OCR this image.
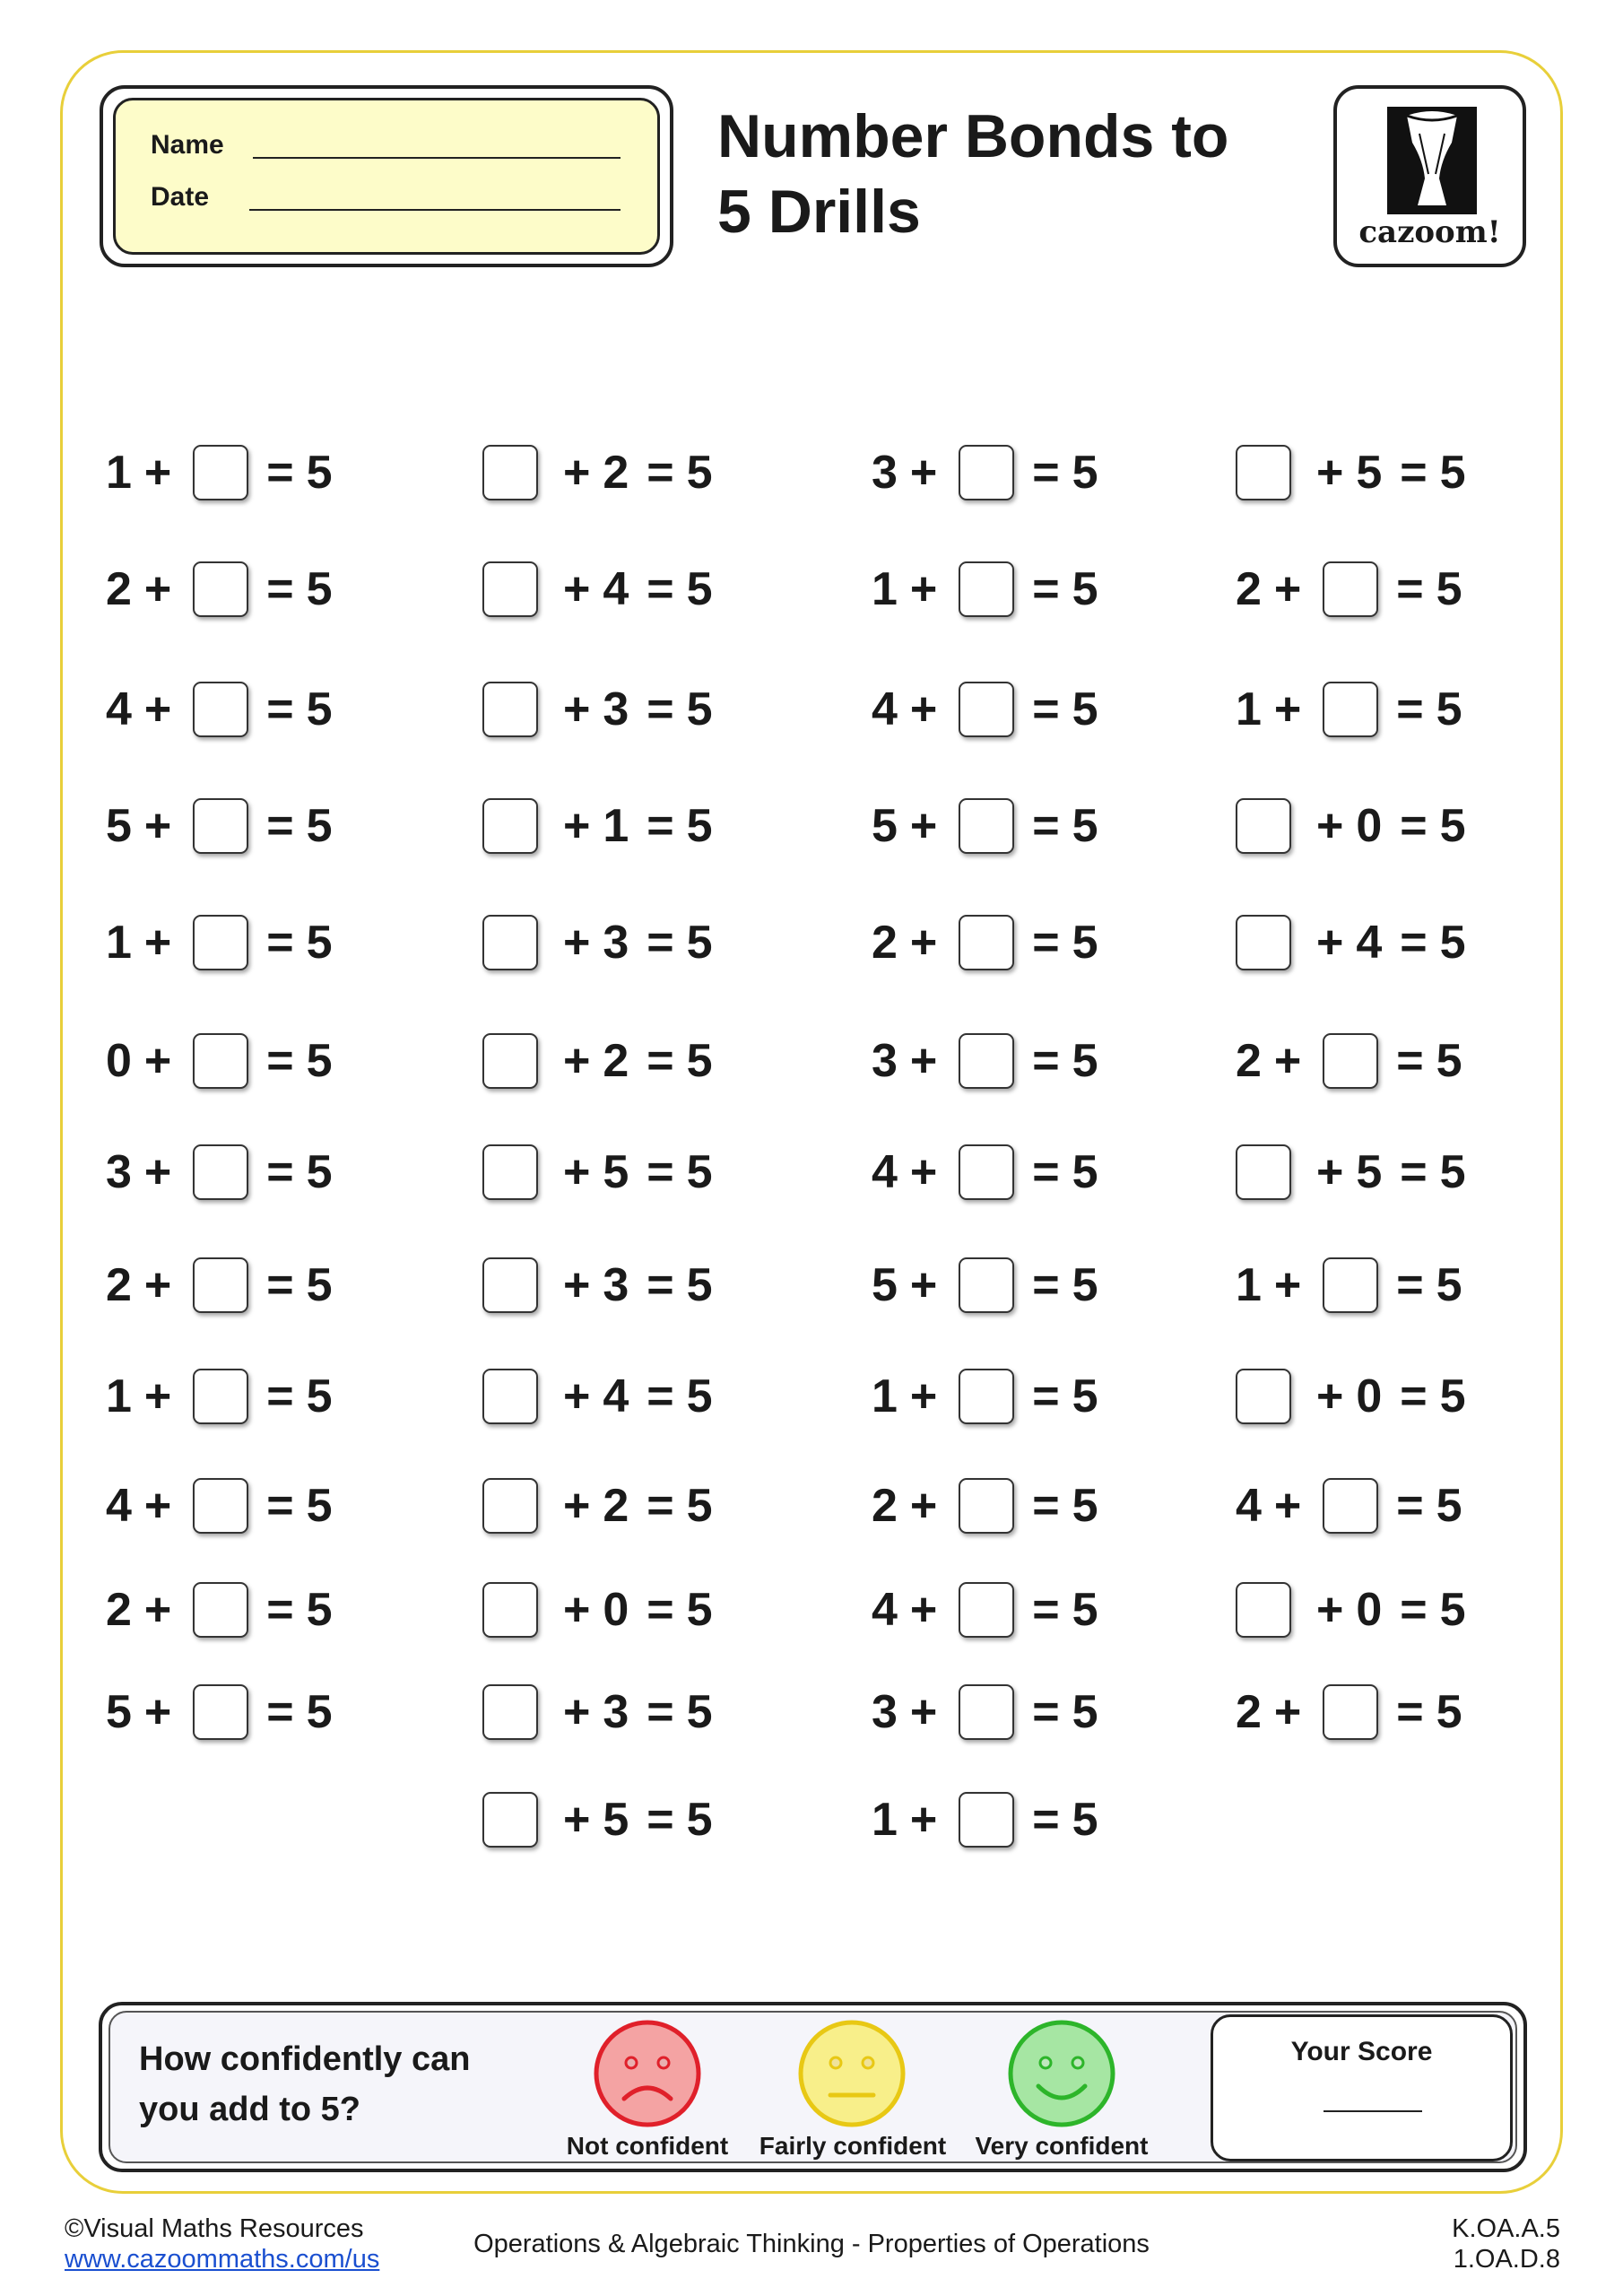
Name
Date
Number Bonds to
5 Drills	cazoom!
1 + = 5
2 + = 5
4 + = 5
5 + = 5
1 + = 5
0 + = 5
3 + = 5
2 + = 5
1 + = 5
4 + = 5
2 + = 5
5 + = 5
+ 2 = 5
+ 4 = 5
+ 3 = 5
+ 1 = 5
+ 3 = 5
+ 2 = 5
+ 5 = 5
+ 3 = 5
+ 4 = 5
+ 2 = 5
+ 0 = 5
+ 3 = 5
+ 5 = 5
3 + = 5
1 + = 5
4 + = 5
5 + = 5
2 + = 5
3 + = 5
4 + = 5
5 + = 5
1 + = 5
2 + = 5
4 + = 5
3 + = 5
1 + = 5
+ 5 = 5
2 + = 5
1 + = 5
+ 0 = 5
+ 4 = 5
2 + = 5
+ 5 = 5
1 + = 5
+ 0 = 5
4 + = 5
+ 0 = 5
2 + = 5
How confidently can
you add to 5?
Not confident	Fairly confident Very confident
Your Score
©Visual Maths Resources
www.cazoommaths.com/us
Operations & Algebraic Thinking - Properties of Operations
K.OA.A.5
1.OA.D.8
